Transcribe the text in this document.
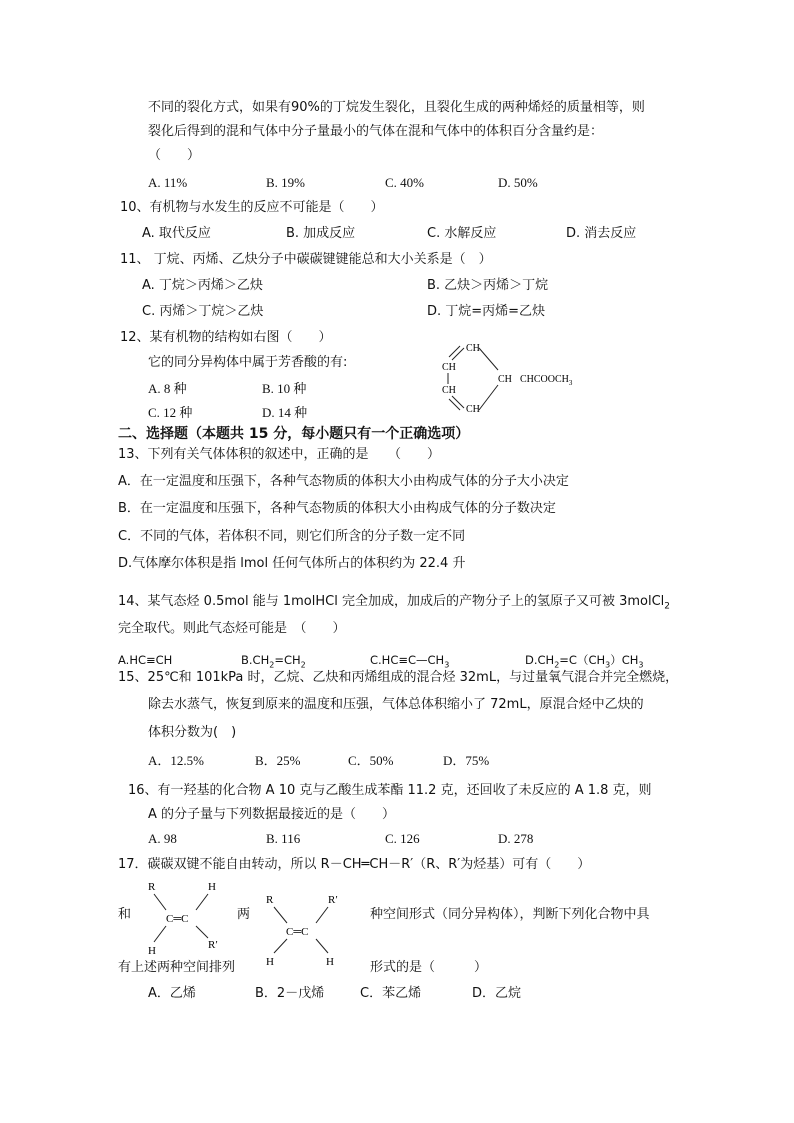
不同的裂化方式，如果有90%的丁烷发生裂化，且裂化生成的两种烯烃的质量相等，则
裂化后得到的混和气体中分子量最小的气体在混和气体中的体积百分含量约是：
（　　）
A. 11%	B. 19%	C. 40%	D. 50%
10、有机物与水发生的反应不可能是（　　）
A. 取代反应	B. 加成反应	C. 水解反应	D. 消去反应
11、 丁烷、丙烯、乙炔分子中碳碳键键能总和大小关系是（　）
A. 丁烷＞丙烯＞乙炔	B. 乙炔＞丙烯＞丁烷
C. 丙烯＞丁烷＞乙炔	D. 丁烷=丙烯=乙炔
12、某有机物的结构如右图（　　）
它的同分异构体中属于芳香酸的有:
A. 8 种	B. 10 种
C. 12 种	D. 14 种
CH
CH
CH
CH
CH
$CHCOOCH_3$
二、选择题（本题共 15 分，每小题只有一个正确选项）
13、下列有关气体体积的叙述中，正确的是　　（　　）
A．在一定温度和压强下，各种气态物质的体积大小由构成气体的分子大小决定
B．在一定温度和压强下，各种气态物质的体积大小由构成气体的分子数决定
C．不同的气体，若体积不同，则它们所含的分子数一定不同
D.气体摩尔体积是指 lmol 任何气体所占的体积约为 22.4 升
14、某气态烃 0.5mol 能与 1molHCl 完全加成，加成后的产物分子上的氢原子又可被 3molCl$_2$
完全取代。则此气态烃可能是　（　　）
A.HC≡CH	$B.CH_2=CH_2$	$C.HC\equiv C—CH_3$	$D.CH_2=C(CH_3)CH_3$
15、25℃和 101kPa 时，乙烷、乙炔和丙烯组成的混合烃 32mL，与过量氧气混合并完全燃烧，
除去水蒸气，恢复到原来的温度和压强，气体总体积缩小了 72mL，原混合烃中乙炔的
体积分数为(　)
A．12.5%	B．25%	C．50%	D．75%
16、有一羟基的化合物 A 10 克与乙酸生成苯酯 11.2 克，还回收了未反应的 A 1.8 克，则
A 的分子量与下列数据最接近的是（　　）
A. 98	B. 116	C. 126	D. 278
17．碳碳双键不能自由转动，所以 R－CH═CH－R′（R、R′为烃基）可有（　　）
和	两	种空间形式（同分异构体），判断下列化合物中具
有上述两种空间排列	形式的是（　　　）
A．乙烯	B．2－戊烯	C．苯乙烯	D．乙烷
R	H
C═C
H	R′
R	R′
C═C
H	H
